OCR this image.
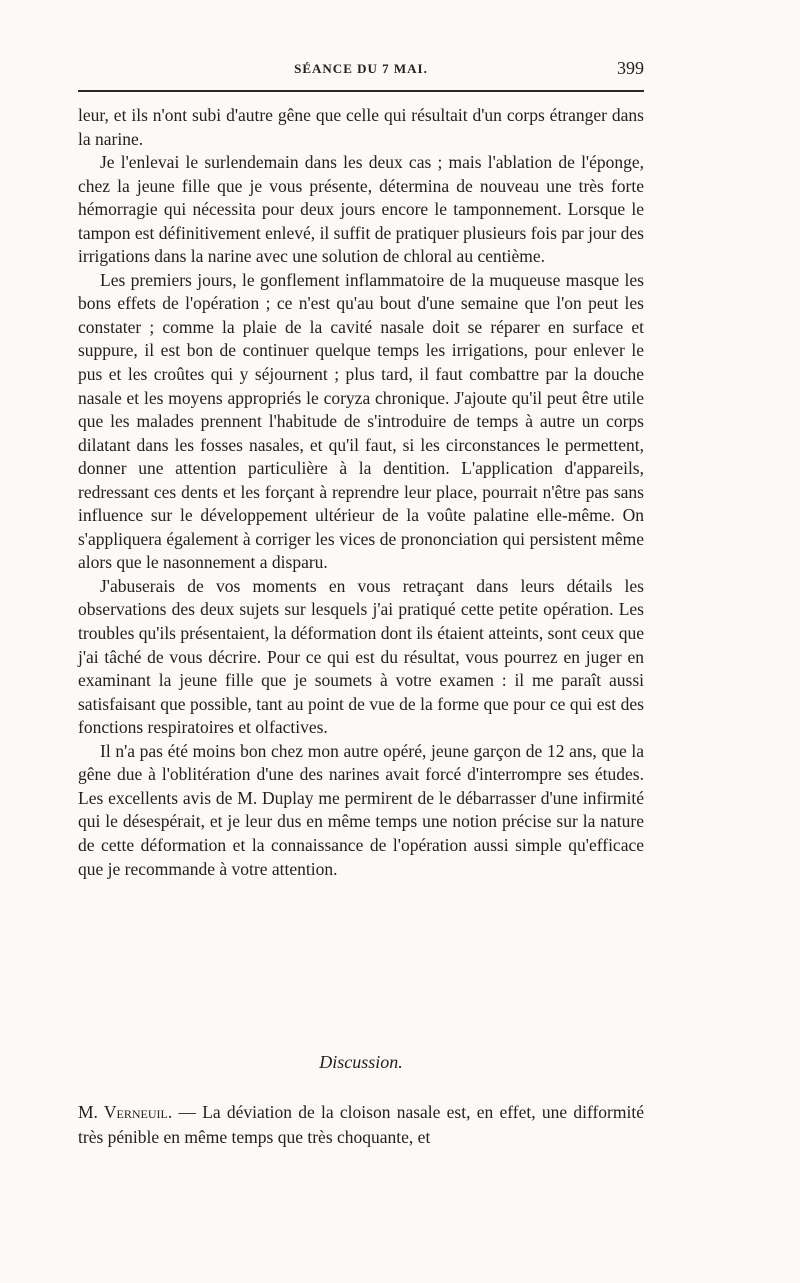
SÉANCE DU 7 MAI.	399

leur, et ils n'ont subi d'autre gêne que celle qui résultait d'un corps étranger dans la narine.

Je l'enlevai le surlendemain dans les deux cas ; mais l'ablation de l'éponge, chez la jeune fille que je vous présente, détermina de nouveau une très forte hémorragie qui nécessita pour deux jours encore le tamponnement. Lorsque le tampon est définitivement enlevé, il suffit de pratiquer plusieurs fois par jour des irrigations dans la narine avec une solution de chloral au centième.

Les premiers jours, le gonflement inflammatoire de la muqueuse masque les bons effets de l'opération ; ce n'est qu'au bout d'une semaine que l'on peut les constater ; comme la plaie de la cavité nasale doit se réparer en surface et suppure, il est bon de continuer quelque temps les irrigations, pour enlever le pus et les croûtes qui y séjournent ; plus tard, il faut combattre par la douche nasale et les moyens appropriés le coryza chronique. J'ajoute qu'il peut être utile que les malades prennent l'habitude de s'introduire de temps à autre un corps dilatant dans les fosses nasales, et qu'il faut, si les circonstances le permettent, donner une attention particulière à la dentition. L'application d'appareils, redressant ces dents et les forçant à reprendre leur place, pourrait n'être pas sans influence sur le développement ultérieur de la voûte palatine elle-même. On s'appliquera également à corriger les vices de prononciation qui persistent même alors que le nasonnement a disparu.

J'abuserais de vos moments en vous retraçant dans leurs détails les observations des deux sujets sur lesquels j'ai pratiqué cette petite opération. Les troubles qu'ils présentaient, la déformation dont ils étaient atteints, sont ceux que j'ai tâché de vous décrire. Pour ce qui est du résultat, vous pourrez en juger en examinant la jeune fille que je soumets à votre examen : il me paraît aussi satisfaisant que possible, tant au point de vue de la forme que pour ce qui est des fonctions respiratoires et olfactives.

Il n'a pas été moins bon chez mon autre opéré, jeune garçon de 12 ans, que la gêne due à l'oblitération d'une des narines avait forcé d'interrompre ses études. Les excellents avis de M. Duplay me permirent de le débarrasser d'une infirmité qui le désespérait, et je leur dus en même temps une notion précise sur la nature de cette déformation et la connaissance de l'opération aussi simple qu'efficace que je recommande à votre attention.

Discussion.

M. Verneuil. — La déviation de la cloison nasale est, en effet, une difformité très pénible en même temps que très choquante, et
